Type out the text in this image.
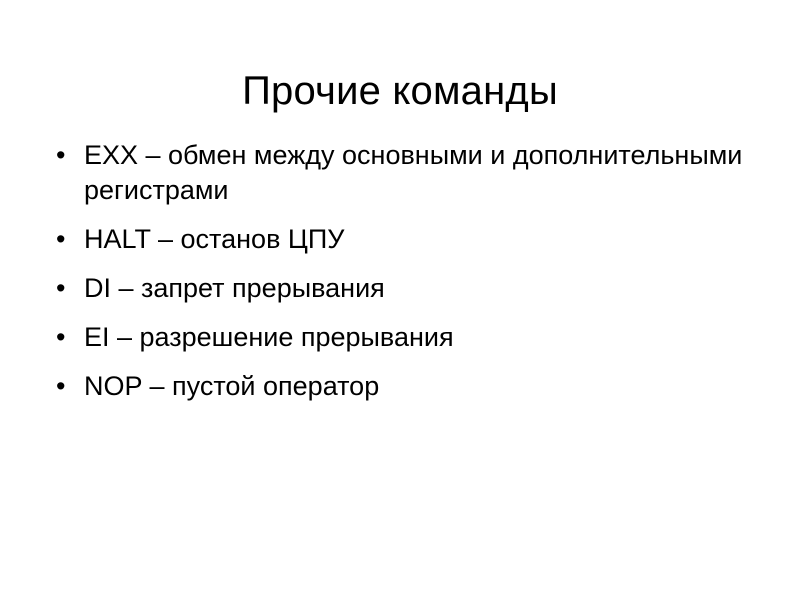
Прочие команды
• EXX – обмен между основными и дополнительными регистрами
• HALT – останов ЦПУ
• DI – запрет прерывания
• EI – разрешение прерывания
• NOP – пустой оператор
